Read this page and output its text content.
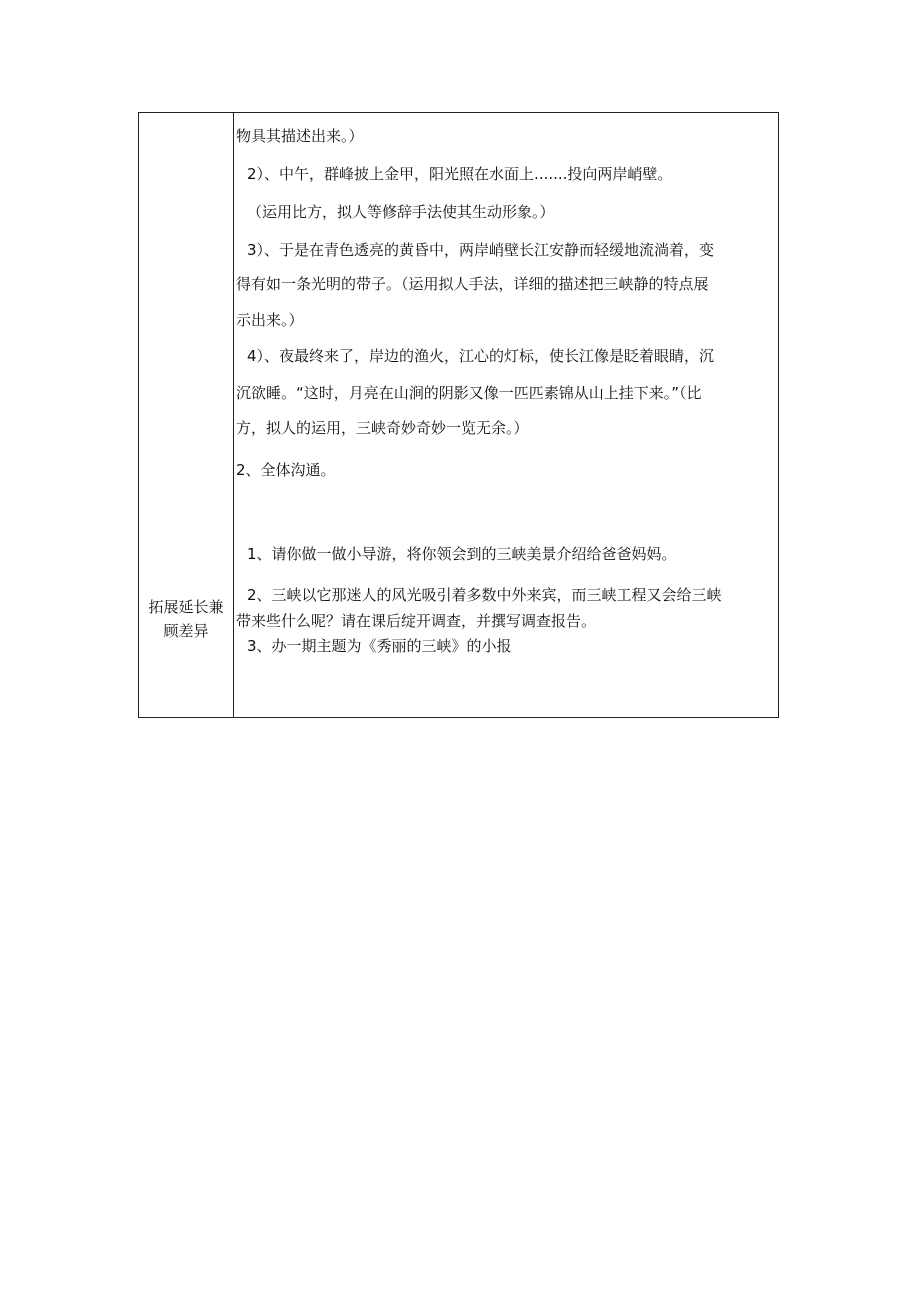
拓展延长兼
顾差异

物具其描述出来。）

2）、中午，群峰披上金甲，阳光照在水面上.......投向两岸峭壁。

（运用比方，拟人等修辞手法使其生动形象。）

3）、于是在青色透亮的黄昏中，两岸峭壁长江安静而轻缓地流淌着，变

得有如一条光明的带子。（运用拟人手法，详细的描述把三峡静的特点展

示出来。）

4）、夜最终来了，岸边的渔火，江心的灯标，使长江像是眨着眼睛，沉

沉欲睡。“这时，月亮在山涧的阴影又像一匹匹素锦从山上挂下来。”（比

方，拟人的运用，三峡奇妙奇妙一览无余。）

2、全体沟通。

1、请你做一做小导游，将你领会到的三峡美景介绍给爸爸妈妈。

2、三峡以它那迷人的风光吸引着多数中外来宾，而三峡工程又会给三峡

带来些什么呢？请在课后绽开调查，并撰写调查报告。

3、办一期主题为《秀丽的三峡》的小报
